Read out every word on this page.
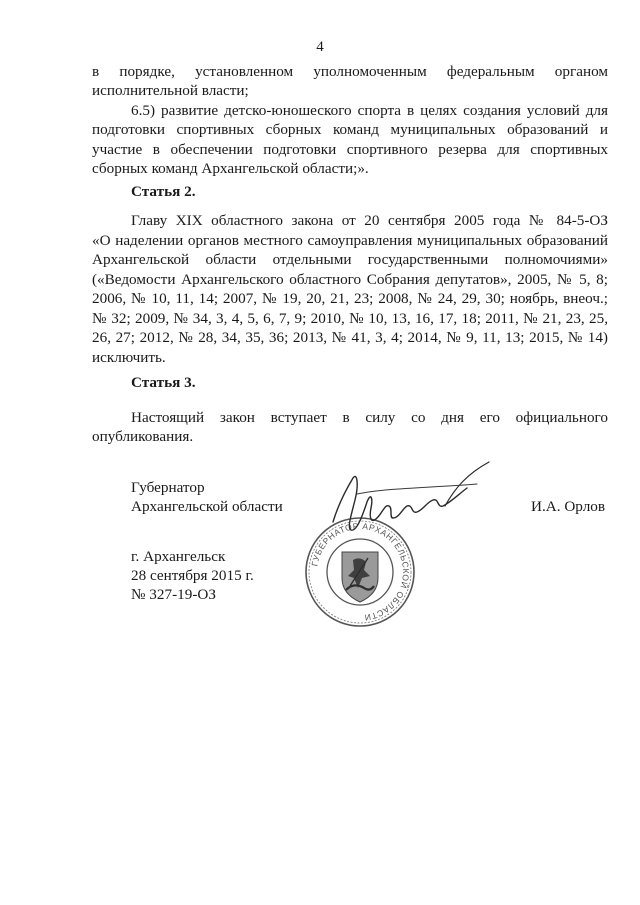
4
в порядке, установленном уполномоченным федеральным органом
исполнительной власти;
6.5) развитие детско-юношеского спорта в целях создания условий для
подготовки спортивных сборных команд муниципальных образований и
участие в обеспечении подготовки спортивного резерва для спортивных
сборных команд Архангельской области;».
Статья 2.
Главу XIX областного закона от 20 сентября 2005 года № 84-5-ОЗ
«О наделении органов местного самоуправления муниципальных образований
Архангельской области отдельными государственными полномочиями»
(«Ведомости Архангельского областного Собрания депутатов», 2005, № 5, 8;
2006, № 10, 11, 14; 2007, № 19, 20, 21, 23; 2008, № 24, 29, 30; ноябрь, внеоч.;
№ 32; 2009, № 34, 3, 4, 5, 6, 7, 9; 2010, № 10, 13, 16, 17, 18; 2011, № 21, 23, 25,
26, 27; 2012, № 28, 34, 35, 36; 2013, № 41, 3, 4; 2014, № 9, 11, 13; 2015, № 14)
исключить.
Статья 3.
Настоящий закон вступает в силу со дня его официального
опубликования.
Губернатор
Архангельской области	И.А. Орлов
г. Архангельск
28 сентября 2015 г.
№ 327-19-ОЗ
ГУБЕРНАТОР АРХАНГЕЛЬСКОЙ ОБЛАСТИ
